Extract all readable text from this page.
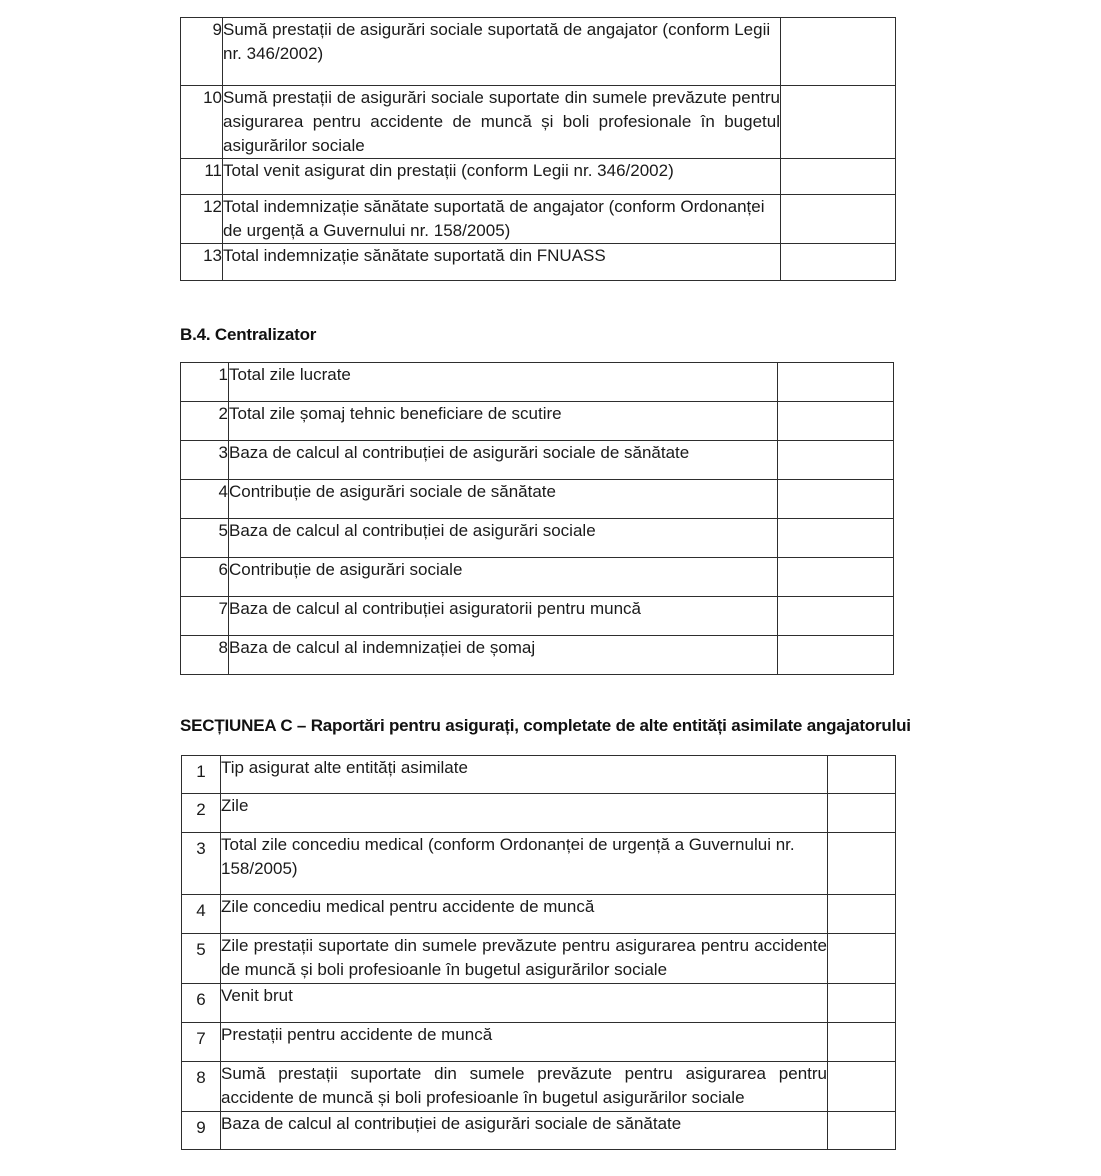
9	Sumă prestații de asigurări sociale suportată de angajator (conform Legii nr. 346/2002)	
10	Sumă prestații de asigurări sociale suportate din sumele prevăzute pentru asigurarea pentru accidente de muncă și boli profesionale în bugetul asigurărilor sociale	
11	Total venit asigurat din prestații (conform Legii nr. 346/2002)	
12	Total indemnizație sănătate suportată de angajator (conform Ordonanței de urgență a Guvernului nr. 158/2005)	
13	Total indemnizație sănătate suportată din FNUASS	
B.4. Centralizator
1	Total zile lucrate	
2	Total zile șomaj tehnic beneficiare de scutire	
3	Baza de calcul al contribuției de asigurări sociale de sănătate	
4	Contribuție de asigurări sociale de sănătate	
5	Baza de calcul al contribuției de asigurări sociale	
6	Contribuție de asigurări sociale	
7	Baza de calcul al contribuției asiguratorii pentru muncă	
8	Baza de calcul al indemnizației de șomaj	
SECȚIUNEA C – Raportări pentru asigurați, completate de alte entități asimilate angajatorului
1	Tip asigurat alte entități asimilate	
2	Zile	
3	Total zile concediu medical (conform Ordonanței de urgență a Guvernului nr. 158/2005)	
4	Zile concediu medical pentru accidente de muncă	
5	Zile prestații suportate din sumele prevăzute pentru asigurarea pentru accidente de muncă și boli profesioanle în bugetul asigurărilor sociale	
6	Venit brut	
7	Prestații pentru accidente de muncă	
8	Sumă prestații suportate din sumele prevăzute pentru asigurarea pentru accidente de muncă și boli profesioanle în bugetul asigurărilor sociale	
9	Baza de calcul al contribuției de asigurări sociale de sănătate	
